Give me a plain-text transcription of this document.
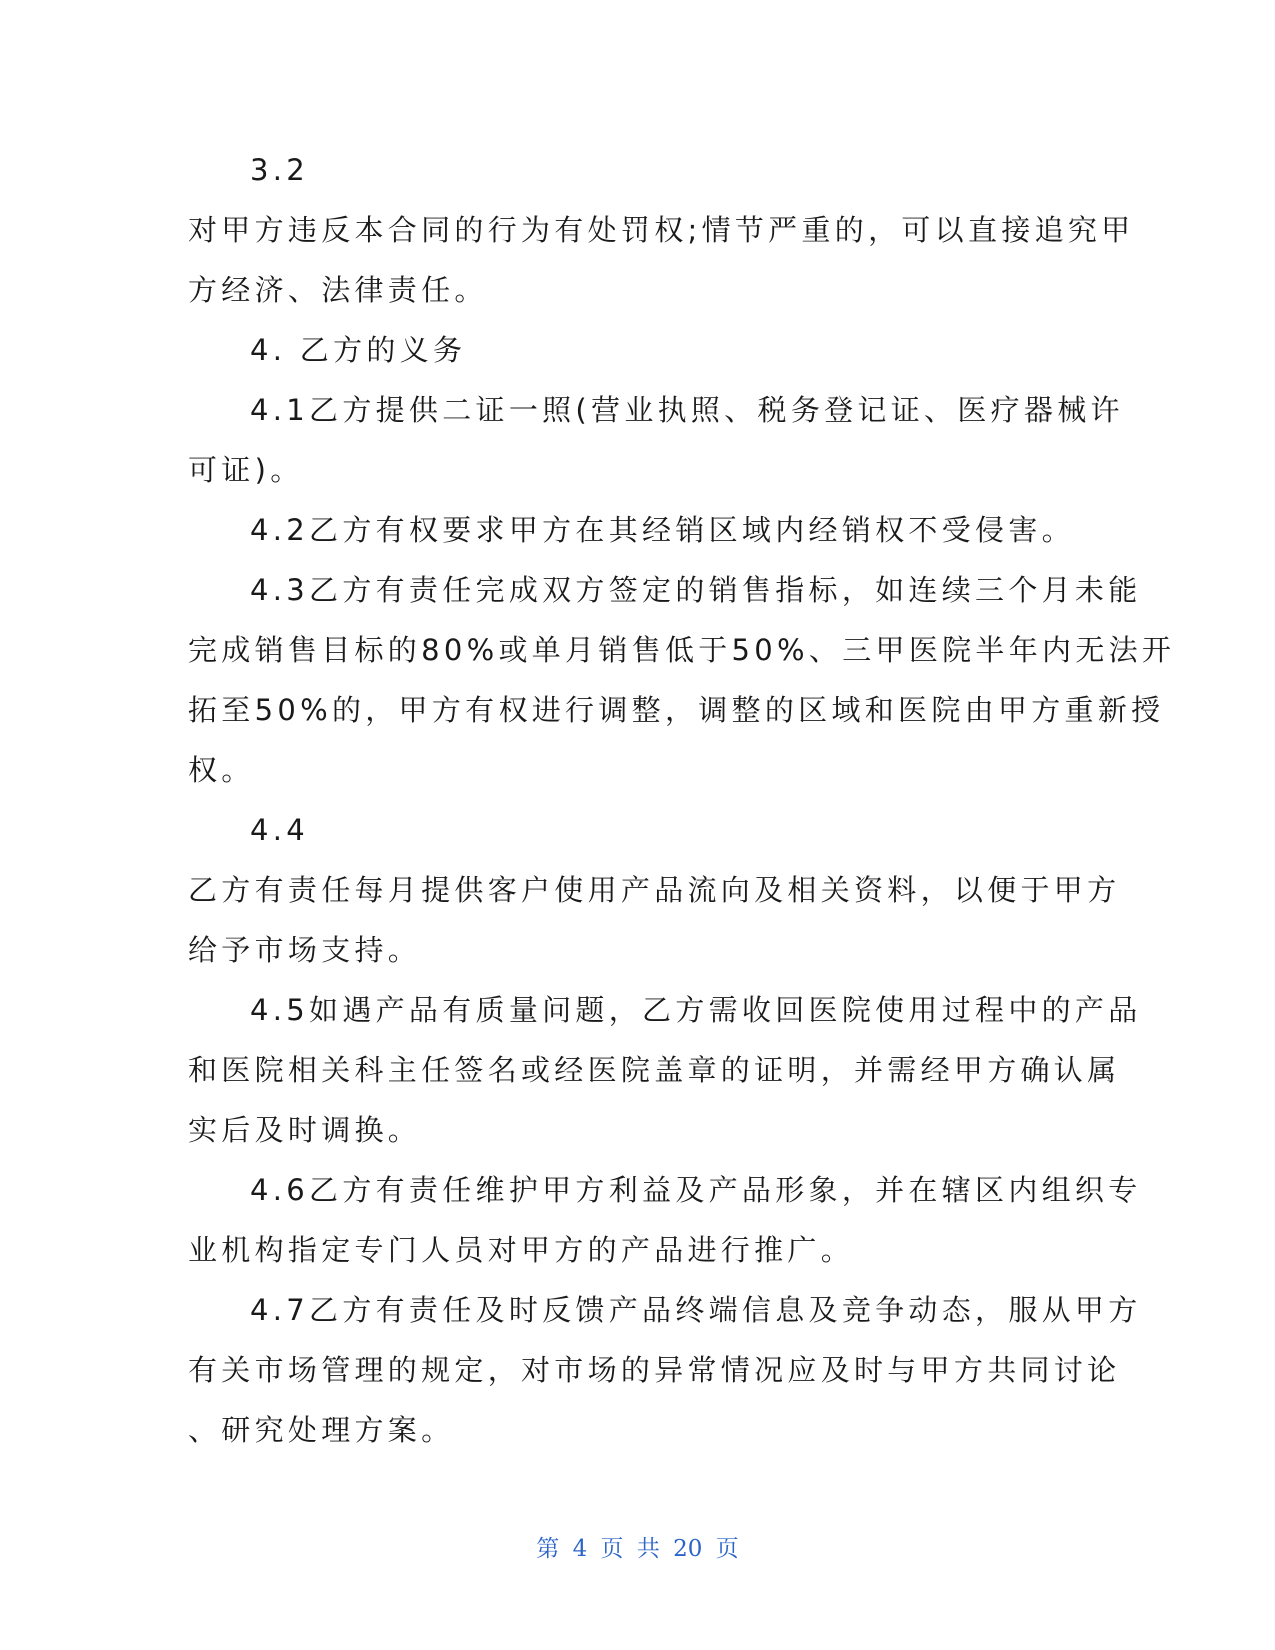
3.2
对甲方违反本合同的行为有处罚权;情节严重的，可以直接追究甲
方经济、法律责任。
4. 乙方的义务
4.1乙方提供二证一照(营业执照、税务登记证、医疗器械许
可证)。
4.2乙方有权要求甲方在其经销区域内经销权不受侵害。
4.3乙方有责任完成双方签定的销售指标，如连续三个月未能
完成销售目标的80%或单月销售低于50%、三甲医院半年内无法开
拓至50%的，甲方有权进行调整，调整的区域和医院由甲方重新授
权。
4.4
乙方有责任每月提供客户使用产品流向及相关资料，以便于甲方
给予市场支持。
4.5如遇产品有质量问题，乙方需收回医院使用过程中的产品
和医院相关科主任签名或经医院盖章的证明，并需经甲方确认属
实后及时调换。
4.6乙方有责任维护甲方利益及产品形象，并在辖区内组织专
业机构指定专门人员对甲方的产品进行推广。
4.7乙方有责任及时反馈产品终端信息及竞争动态，服从甲方
有关市场管理的规定，对市场的异常情况应及时与甲方共同讨论
、研究处理方案。
第 4 页 共 20 页
